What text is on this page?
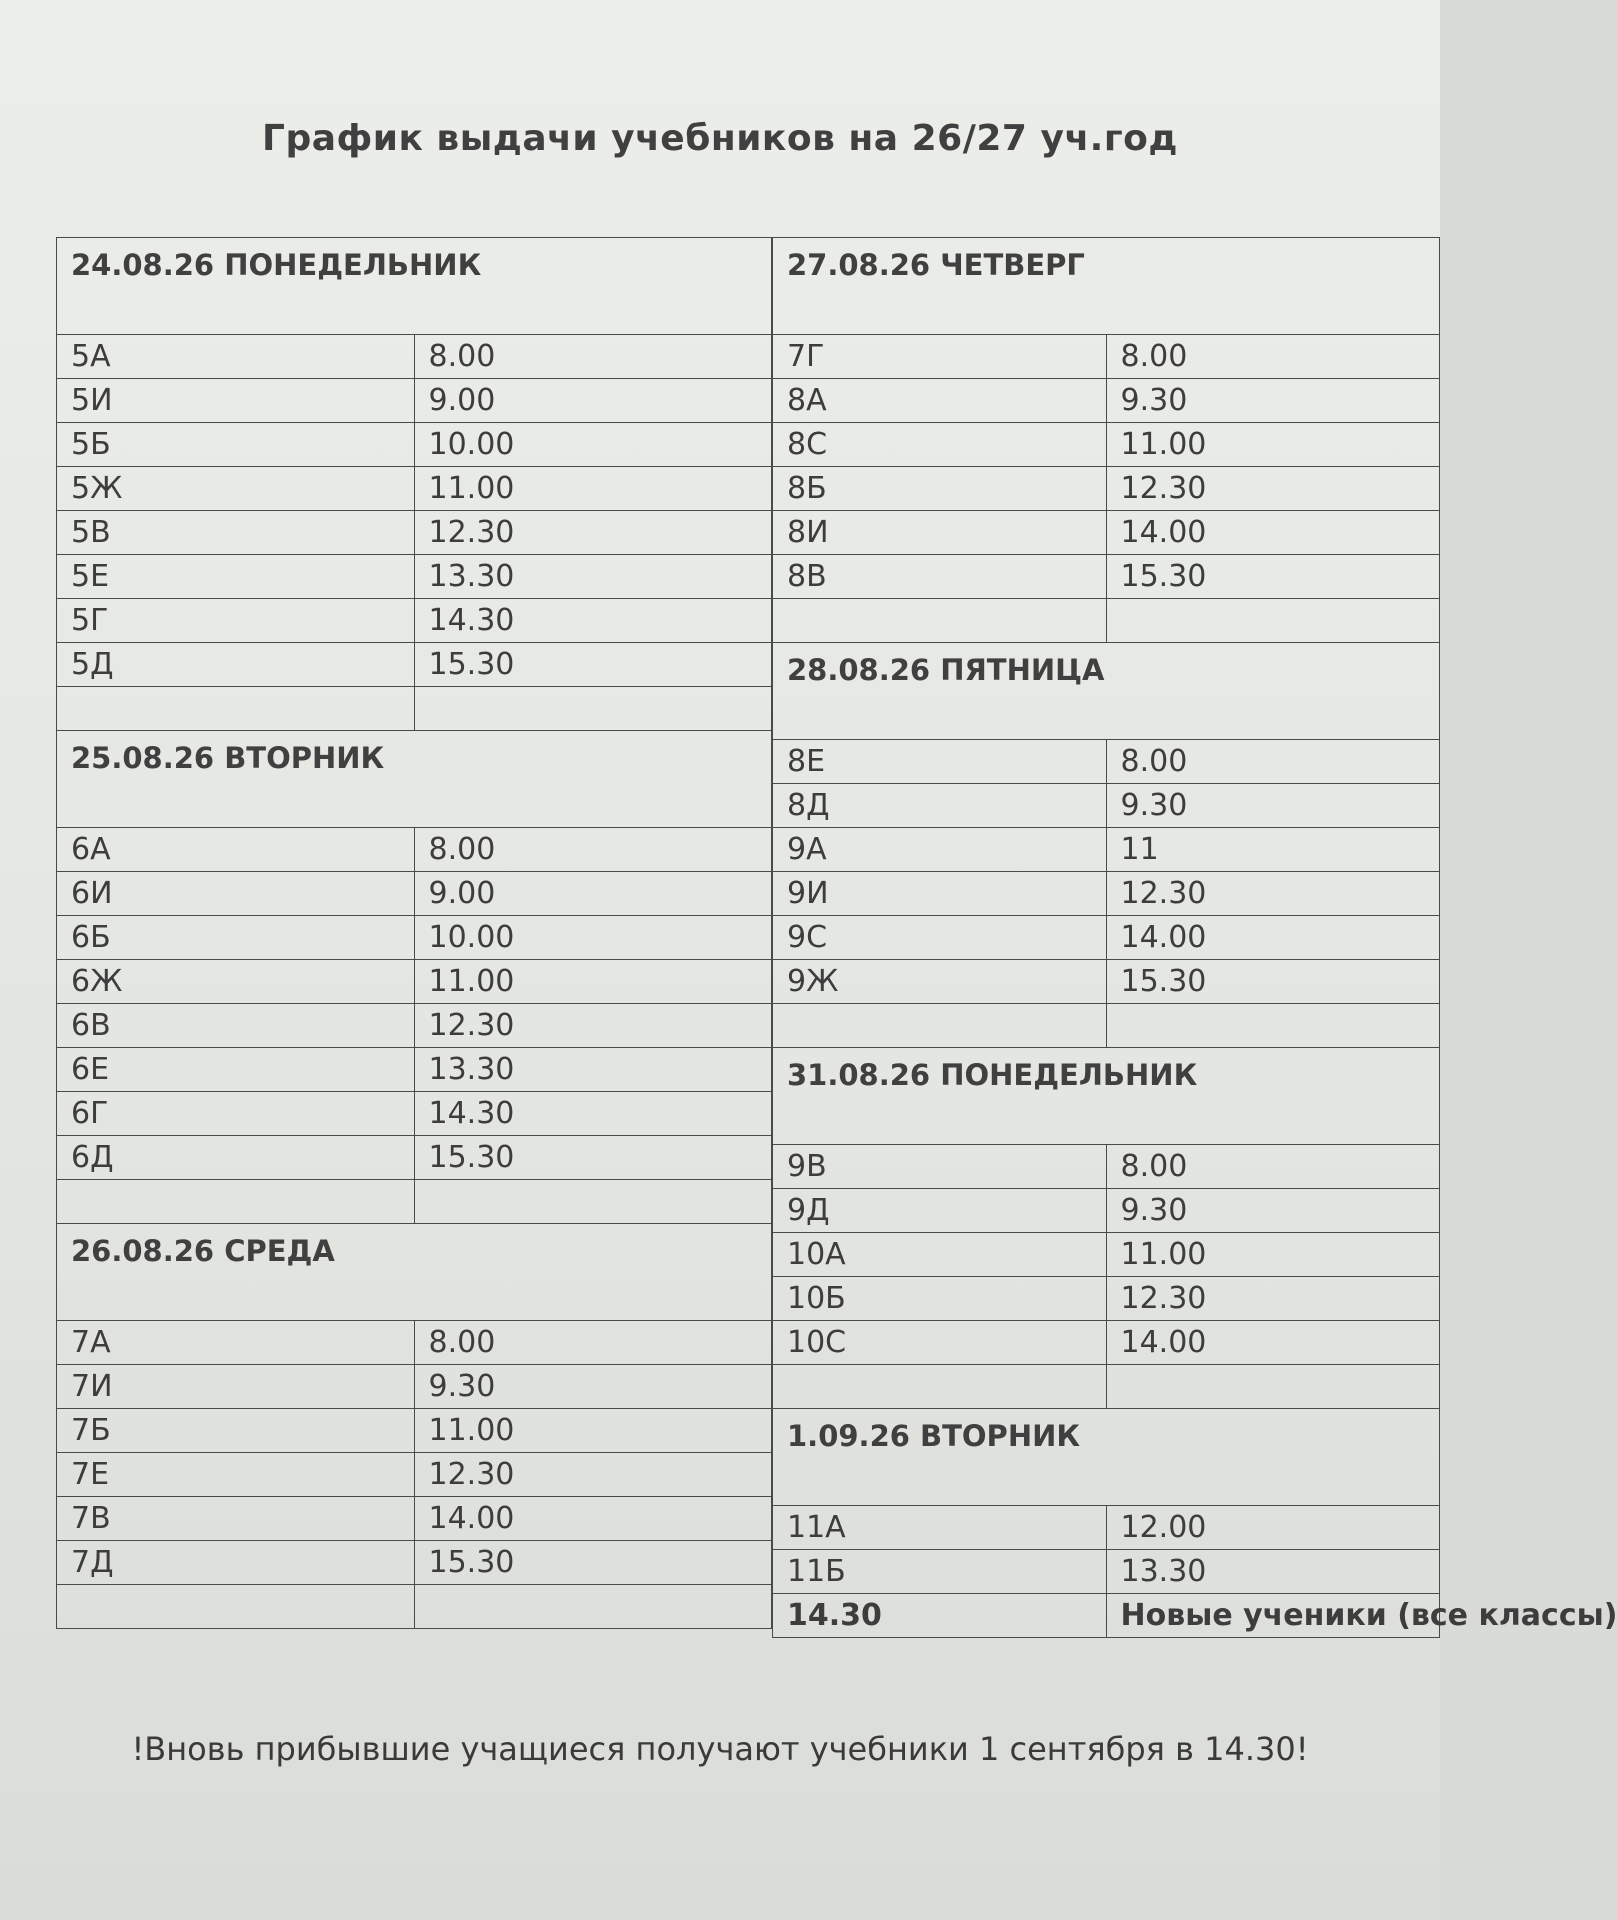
График выдачи учебников на 26/27 уч.год
24.08.26 ПОНЕДЕЛЬНИК	
5А	8.00
5И	9.00
5Б	10.00
5Ж	11.00
5В	12.30
5Е	13.30
5Г	14.30
5Д	15.30

25.08.26 ВТОРНИК	
6А	8.00
6И	9.00
6Б	10.00
6Ж	11.00
6В	12.30
6Е	13.30
6Г	14.30
6Д	15.30

26.08.26 СРЕДА	
7А	8.00
7И	9.30
7Б	11.00
7Е	12.30
7В	14.00
7Д	15.30

27.08.26 ЧЕТВЕРГ	
7Г	8.00
8А	9.30
8С	11.00
8Б	12.30
8И	14.00
8В	15.30

28.08.26 ПЯТНИЦА	
8Е	8.00
8Д	9.30
9А	11
9И	12.30
9С	14.00
9Ж	15.30

31.08.26 ПОНЕДЕЛЬНИК	
9В	8.00
9Д	9.30
10А	11.00
10Б	12.30
10С	14.00

1.09.26 ВТОРНИК	
11А	12.00
11Б	13.30
14.30	Новые ученики (все классы)
!Вновь прибывшие учащиеся получают учебники 1 сентября в 14.30!
